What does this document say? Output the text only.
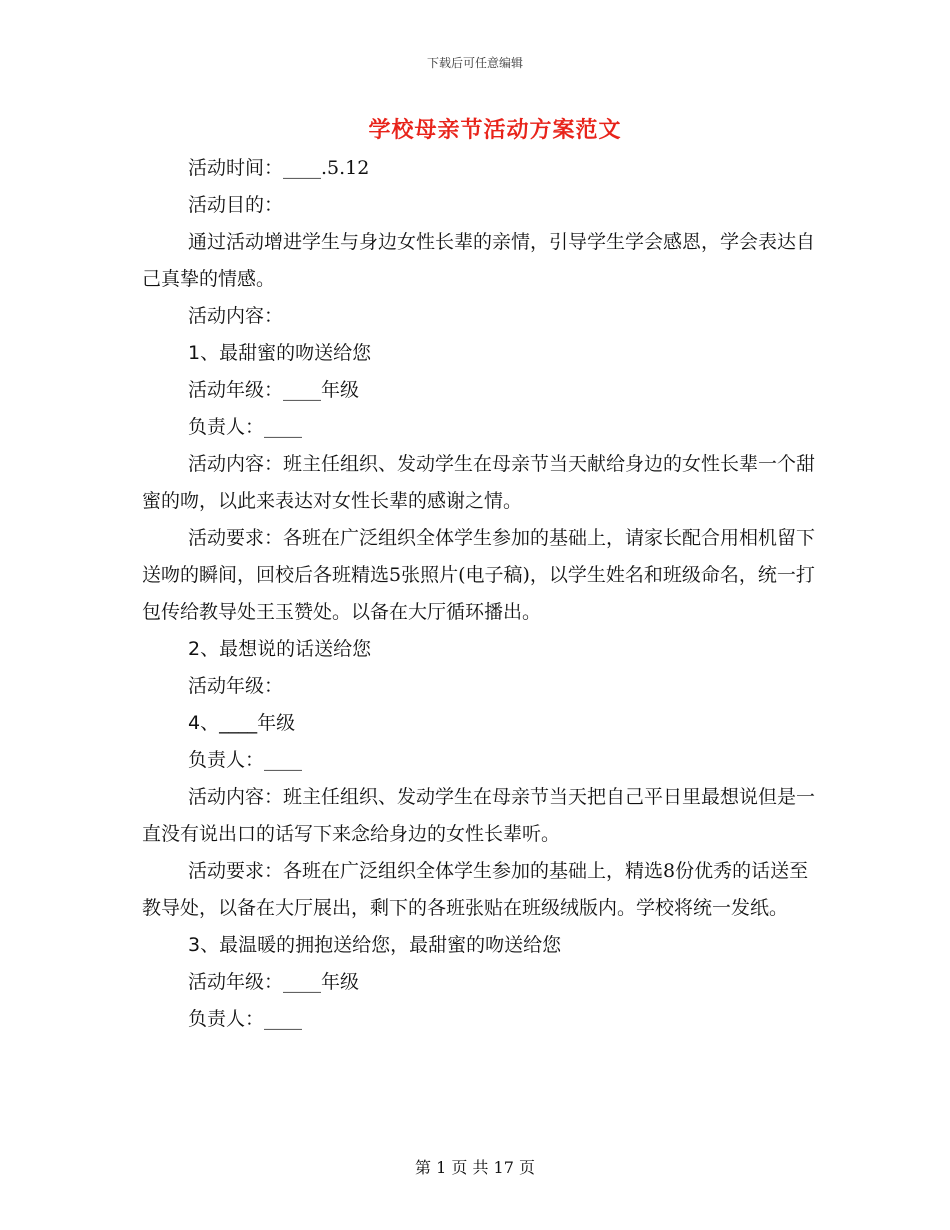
下载后可任意编辑
学校母亲节活动方案范文

活动时间：____.5.12

活动目的：

通过活动增进学生与身边女性长辈的亲情，引导学生学会感恩，学会表达自己真挚的情感。

活动内容：

1、最甜蜜的吻送给您

活动年级：____年级

负责人：____

活动内容：班主任组织、发动学生在母亲节当天献给身边的女性长辈一个甜蜜的吻，以此来表达对女性长辈的感谢之情。

活动要求：各班在广泛组织全体学生参加的基础上，请家长配合用相机留下送吻的瞬间，回校后各班精选5张照片(电子稿)，以学生姓名和班级命名，统一打包传给教导处王玉赞处。以备在大厅循环播出。

2、最想说的话送给您

活动年级：

4、____年级

负责人：____

活动内容：班主任组织、发动学生在母亲节当天把自己平日里最想说但是一直没有说出口的话写下来念给身边的女性长辈听。

活动要求：各班在广泛组织全体学生参加的基础上，精选8份优秀的话送至教导处，以备在大厅展出，剩下的各班张贴在班级绒版内。学校将统一发纸。

3、最温暖的拥抱送给您，最甜蜜的吻送给您

活动年级：____年级

负责人：____

第 1 页 共 17 页
